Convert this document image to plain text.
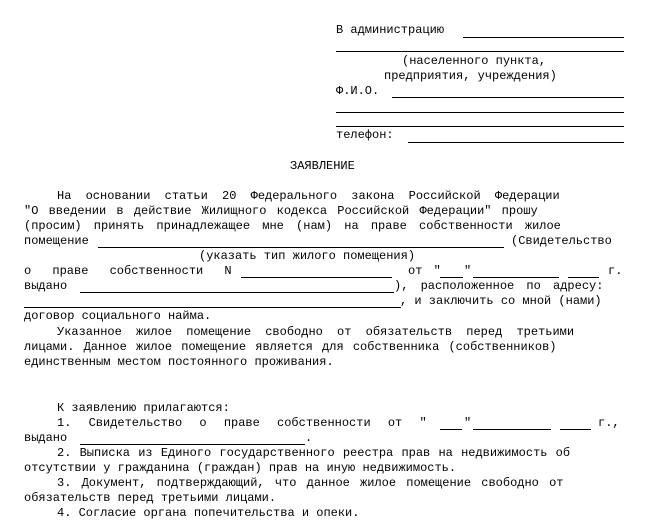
В администрацию
(населенного пункта,
предприятия, учреждения)
Ф.И.О.
телефон:
ЗАЯВЛЕНИЕ
На основании статьи 20 Федерального закона Российской Федерации
"О введении в действие Жилищного кодекса Российской Федерации" прошу
(просим) принять принадлежащее мне (нам) на праве собственности жилое
помещение	(Свидетельство
(указать тип жилого помещения)
о праве собственности N	от " "	г.
выдано	), расположенное по адресу:
, и заключить со мной (нами)
договор социального найма.
Указанное жилое помещение свободно от обязательств перед третьими
лицами. Данное жилое помещение является для собственника (собственников)
единственным местом постоянного проживания.
К заявлению прилагаются:
1. Свидетельство о праве собственности от "	"	г.,
выдано	.
2. Выписка из Единого государственного реестра прав на недвижимость об
отсутствии у гражданина (граждан) прав на иную недвижимость.
3. Документ, подтверждающий, что данное жилое помещение свободно от
обязательств перед третьими лицами.
4. Согласие органа попечительства и опеки.
